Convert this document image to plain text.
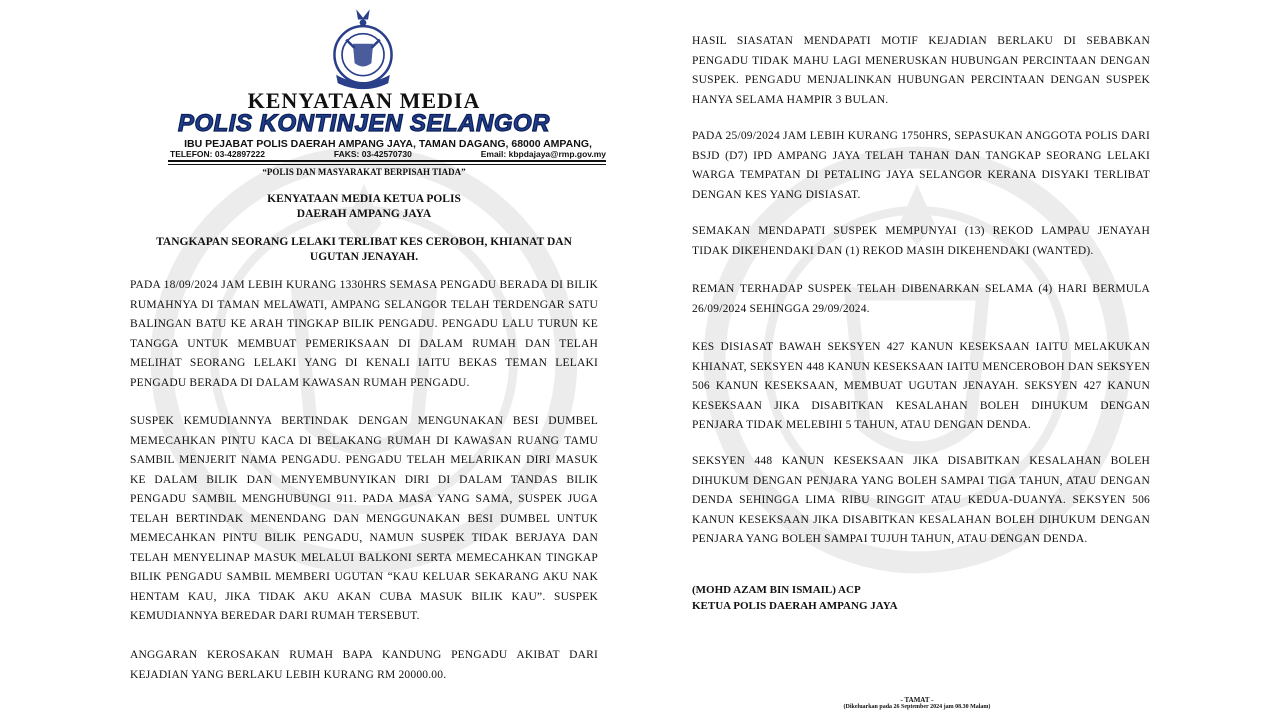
KENYATAAN MEDIA
POLIS KONTINJEN SELANGOR
IBU PEJABAT POLIS DAERAH AMPANG JAYA, TAMAN DAGANG, 68000 AMPANG,
TELEFON: 03-42897222	FAKS: 03-42570730	Email: kbpdajaya@rmp.gov.my
“POLIS DAN MASYARAKAT BERPISAH TIADA”
KENYATAAN MEDIA KETUA POLIS
DAERAH AMPANG JAYA
TANGKAPAN SEORANG LELAKI TERLIBAT KES CEROBOH, KHIANAT DAN
UGUTAN JENAYAH.

PADA 18/09/2024 JAM LEBIH KURANG 1330HRS SEMASA PENGADU BERADA DI BILIK RUMAHNYA DI TAMAN MELAWATI, AMPANG SELANGOR TELAH TERDENGAR SATU BALINGAN BATU KE ARAH TINGKAP BILIK PENGADU. PENGADU LALU TURUN KE TANGGA UNTUK MEMBUAT PEMERIKSAAN DI DALAM RUMAH DAN TELAH MELIHAT SEORANG LELAKI YANG DI KENALI IAITU BEKAS TEMAN LELAKI PENGADU BERADA DI DALAM KAWASAN RUMAH PENGADU.

SUSPEK KEMUDIANNYA BERTINDAK DENGAN MENGUNAKAN BESI DUMBEL MEMECAHKAN PINTU KACA DI BELAKANG RUMAH DI KAWASAN RUANG TAMU SAMBIL MENJERIT NAMA PENGADU. PENGADU TELAH MELARIKAN DIRI MASUK KE DALAM BILIK DAN MENYEMBUNYIKAN DIRI DI DALAM TANDAS BILIK PENGADU SAMBIL MENGHUBUNGI 911. PADA MASA YANG SAMA, SUSPEK JUGA TELAH BERTINDAK MENENDANG DAN MENGGUNAKAN BESI DUMBEL UNTUK MEMECAHKAN PINTU BILIK PENGADU, NAMUN SUSPEK TIDAK BERJAYA DAN TELAH MENYELINAP MASUK MELALUI BALKONI SERTA MEMECAHKAN TINGKAP BILIK PENGADU SAMBIL MEMBERI UGUTAN “KAU KELUAR SEKARANG AKU NAK HENTAM KAU, JIKA TIDAK AKU AKAN CUBA MASUK BILIK KAU”. SUSPEK KEMUDIANNYA BEREDAR DARI RUMAH TERSEBUT.

ANGGARAN KEROSAKAN RUMAH BAPA KANDUNG PENGADU AKIBAT DARI KEJADIAN YANG BERLAKU LEBIH KURANG RM 20000.00.

HASIL SIASATAN MENDAPATI MOTIF KEJADIAN BERLAKU DI SEBABKAN PENGADU TIDAK MAHU LAGI MENERUSKAN HUBUNGAN PERCINTAAN DENGAN SUSPEK. PENGADU MENJALINKAN HUBUNGAN PERCINTAAN DENGAN SUSPEK HANYA SELAMA HAMPIR 3 BULAN.

PADA 25/09/2024 JAM LEBIH KURANG 1750HRS, SEPASUKAN ANGGOTA POLIS DARI BSJD (D7) IPD AMPANG JAYA TELAH TAHAN DAN TANGKAP SEORANG LELAKI WARGA TEMPATAN DI PETALING JAYA SELANGOR KERANA DISYAKI TERLIBAT DENGAN KES YANG DISIASAT.

SEMAKAN MENDAPATI SUSPEK MEMPUNYAI (13) REKOD LAMPAU JENAYAH TIDAK DIKEHENDAKI DAN (1) REKOD MASIH DIKEHENDAKI (WANTED).

REMAN TERHADAP SUSPEK TELAH DIBENARKAN SELAMA (4) HARI BERMULA 26/09/2024 SEHINGGA 29/09/2024.

KES DISIASAT BAWAH SEKSYEN 427 KANUN KESEKSAAN IAITU MELAKUKAN KHIANAT, SEKSYEN 448 KANUN KESEKSAAN IAITU MENCEROBOH DAN SEKSYEN 506 KANUN KESEKSAAN, MEMBUAT UGUTAN JENAYAH. SEKSYEN 427 KANUN KESEKSAAN JIKA DISABITKAN KESALAHAN BOLEH DIHUKUM DENGAN PENJARA TIDAK MELEBIHI 5 TAHUN, ATAU DENGAN DENDA.

SEKSYEN 448 KANUN KESEKSAAN JIKA DISABITKAN KESALAHAN BOLEH DIHUKUM DENGAN PENJARA YANG BOLEH SAMPAI TIGA TAHUN, ATAU DENGAN DENDA SEHINGGA LIMA RIBU RINGGIT ATAU KEDUA-DUANYA. SEKSYEN 506 KANUN KESEKSAAN JIKA DISABITKAN KESALAHAN BOLEH DIHUKUM DENGAN PENJARA YANG BOLEH SAMPAI TUJUH TAHUN, ATAU DENGAN DENDA.

(MOHD AZAM BIN ISMAIL) ACP
KETUA POLIS DAERAH AMPANG JAYA
- TAMAT -
(Dikeluarkan pada 26 September 2024 jam 08.30 Malam)
